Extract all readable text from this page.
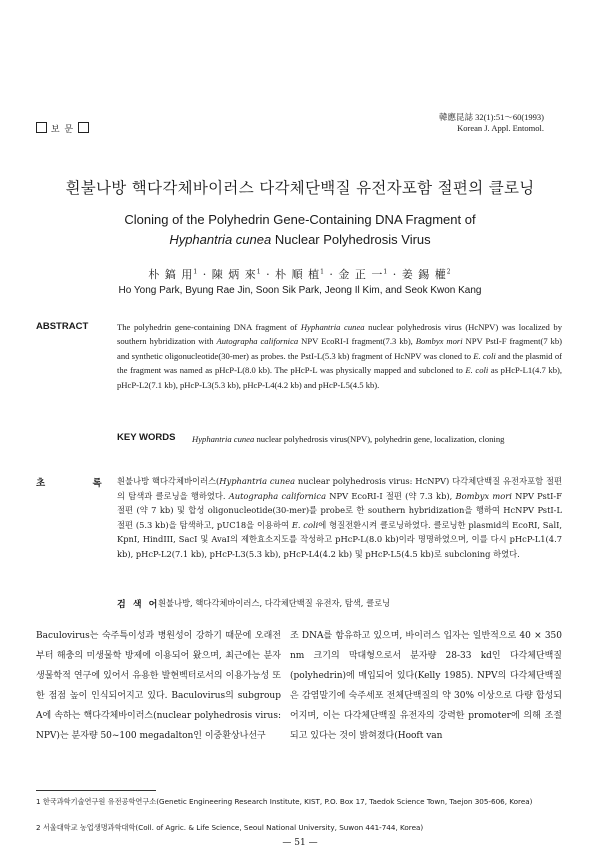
보 문
韓應昆誌 32(1):51～60(1993)
Korean J. Appl. Entomol.
흰불나방 핵다각체바이러스 다각체단백질 유전자포함 절편의 클로닝
Cloning of the Polyhedrin Gene-Containing DNA Fragment of
Hyphantria cunea Nuclear Polyhedrosis Virus
朴 鎬 用$^1$ · 陳 炳 來$^1$ · 朴 順 植$^1$ · 金 正 一$^1$ · 姜 錫 權$^2$
Ho Yong Park, Byung Rae Jin, Soon Sik Park, Jeong Il Kim, and Seok Kwon Kang
ABSTRACT	The polyhedrin gene-containing DNA fragment of Hyphantria cunea nuclear polyhedrosis virus (HcNPV) was localized by southern hybridization with Autographa californica NPV EcoRI-I fragment(7.3 kb), Bombyx mori NPV PstI-F fragment(7 kb) and synthetic oligonucleotide(30-mer) as probes. the PstI-L(5.3 kb) fragment of HcNPV was cloned to E. coli and the plasmid of the fragment was named as pHcP-L(8.0 kb). The pHcP-L was physically mapped and subcloned to E. coli as pHcP-L1(4.7 kb), pHcP-L2(7.1 kb), pHcP-L3(5.3 kb), pHcP-L4(4.2 kb) and pHcP-L5(4.5 kb).
KEY WORDS Hyphantria cunea nuclear polyhedrosis virus(NPV), polyhedrin gene, localization, cloning
초 록
흰불나방 핵다각체바이러스(Hyphantria cunea nuclear polyhedrosis virus: HcNPV) 다각체단백질 유전자포함 절편의 탐색과 클로닝을 행하였다. Autographa californica NPV EcoRI-I 절편 (약 7.3 kb), Bombyx mori NPV PstI-F 절편 (약 7 kb) 및 합성 oligonucleotide(30-mer)를 probe로 한 southern hybridization을 행하여 HcNPV PstI-L 절편 (5.3 kb)을 탐색하고, pUC18을 이용하여 E. coli에 형질전환시켜 클로닝하였다. 클로닝한 plasmid의 EcoRI, SalI, KpnI, HindIII, SacI 및 AvaI의 제한효소지도를 작성하고 pHcP-L(8.0 kb)이라 명명하였으며, 이를 다시 pHcP-L1(4.7 kb), pHcP-L2(7.1 kb), pHcP-L3(5.3 kb), pHcP-L4(4.2 kb) 및 pHcP-L5(4.5 kb)로 subcloning 하였다.
검 색 어
흰불나방, 핵다각체바이러스, 다각체단백질 유전자, 탐색, 클로닝
Baculovirus는 숙주특이성과 병원성이 강하기 때문에 오래전부터 해충의 미생물학 방제에 이용되어 왔으며, 최근에는 분자생물학적 연구에 있어서 유용한 발현벡터로서의 이용가능성 또한 점점 높이 인식되어지고 있다. Baculovirus의 subgroup A에 속하는 핵다각체바이러스(nuclear polyhedrosis virus: NPV)는 분자량 50~100 megadalton인 이중환상나선구
조 DNA를 함유하고 있으며, 바이러스 입자는 일반적으로 40 × 350 nm 크기의 막대형으로서 분자량 28-33 kd인 다각체단백질(polyhedrin)에 매입되어 있다(Kelly 1985). NPV의 다각체단백질은 감염말기에 숙주세포 전체단백질의 약 30% 이상으로 다량 합성되어지며, 이는 다각체단백질 유전자의 강력한 promoter에 의해 조절되고 있다는 것이 밝혀졌다(Hooft van
1 한국과학기술연구원 유전공학연구소(Genetic Engineering Research Institute, KIST, P.O. Box 17, Taedok Science Town, Taejon 305-606, Korea)
2 서울대학교 농업생명과학대학(Coll. of Agric. & Life Science, Seoul National University, Suwon 441-744, Korea)
— 51 —
